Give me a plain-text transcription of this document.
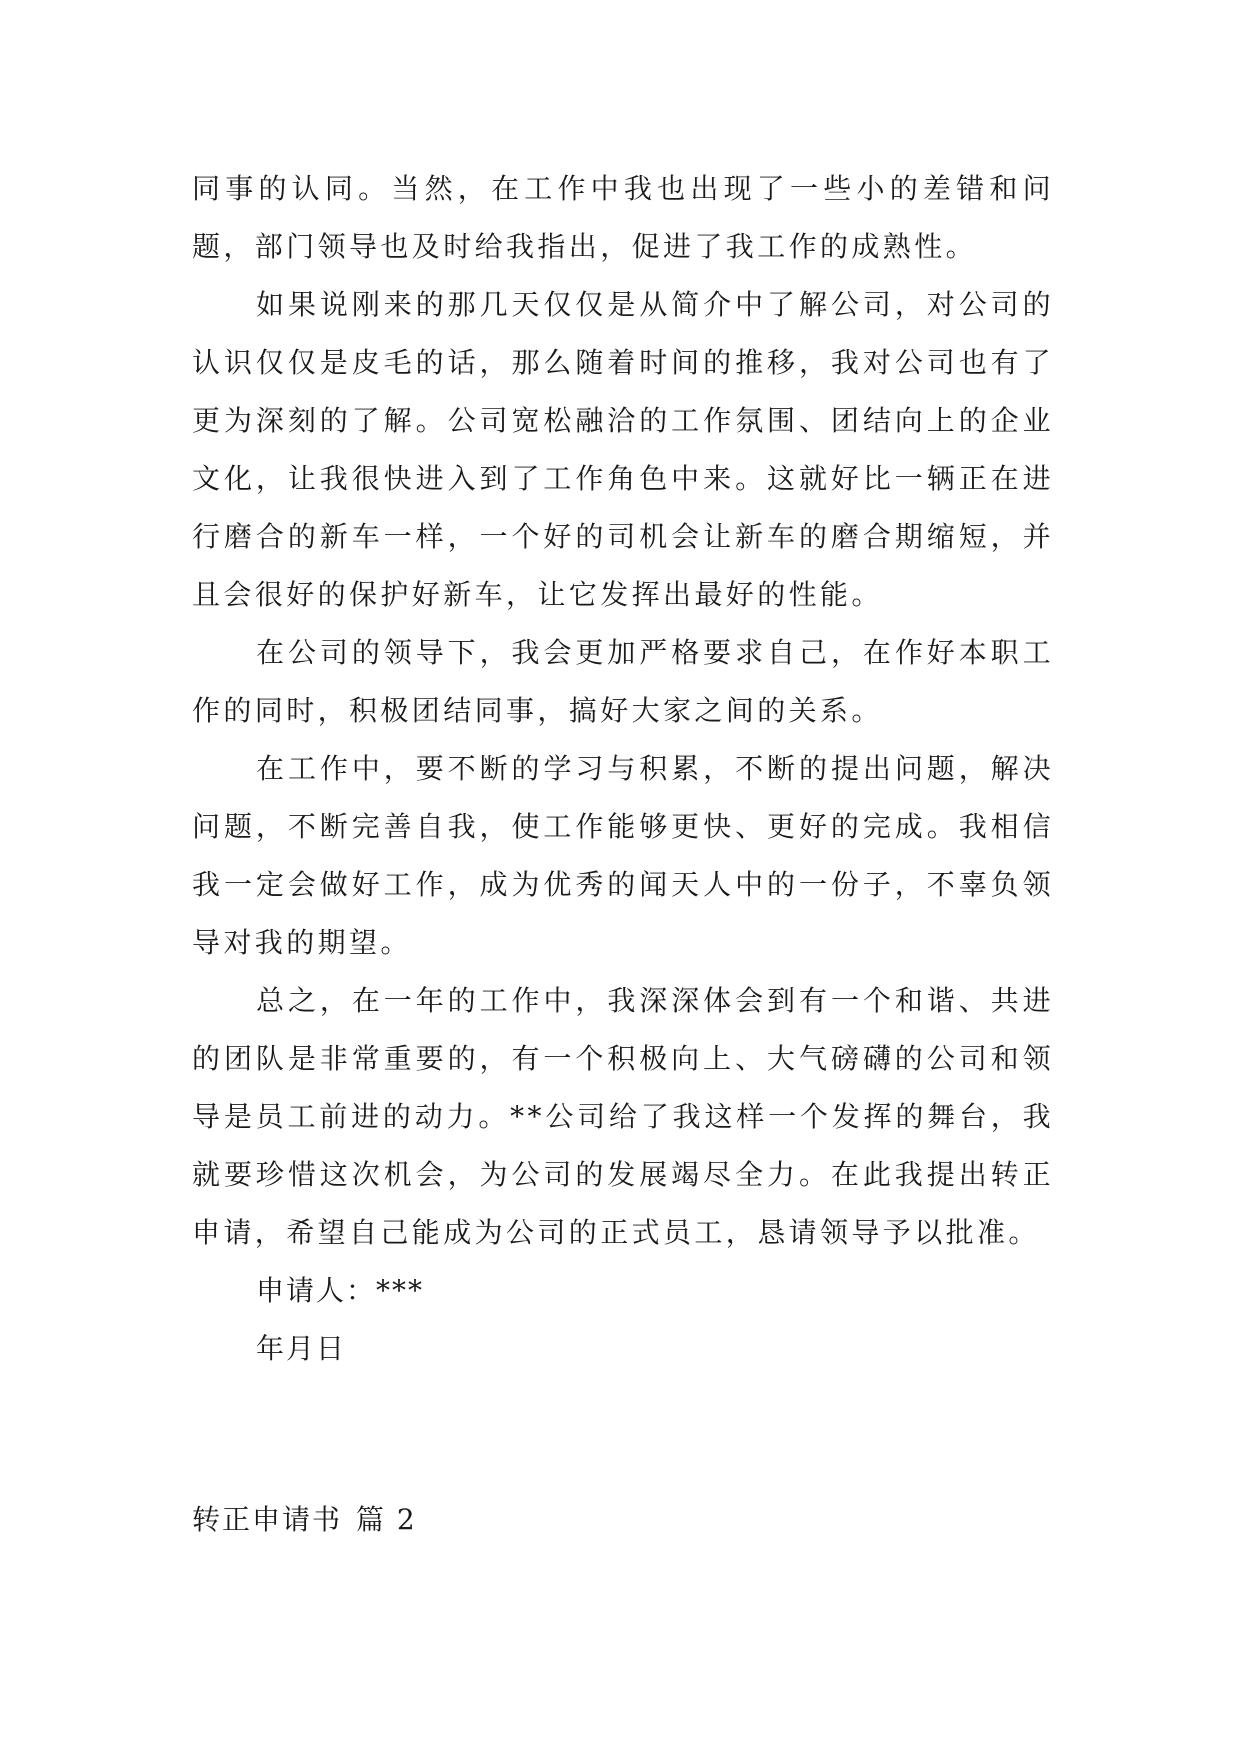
同事的认同。当然，在工作中我也出现了一些小的差错和问题，部门领导也及时给我指出，促进了我工作的成熟性。

如果说刚来的那几天仅仅是从简介中了解公司，对公司的认识仅仅是皮毛的话，那么随着时间的推移，我对公司也有了更为深刻的了解。公司宽松融洽的工作氛围、团结向上的企业文化，让我很快进入到了工作角色中来。这就好比一辆正在进行磨合的新车一样，一个好的司机会让新车的磨合期缩短，并且会很好的保护好新车，让它发挥出最好的性能。

在公司的领导下，我会更加严格要求自己，在作好本职工作的同时，积极团结同事，搞好大家之间的关系。

在工作中，要不断的学习与积累，不断的提出问题，解决问题，不断完善自我，使工作能够更快、更好的完成。我相信我一定会做好工作，成为优秀的闻天人中的一份子，不辜负领导对我的期望。

总之，在一年的工作中，我深深体会到有一个和谐、共进的团队是非常重要的，有一个积极向上、大气磅礴的公司和领导是员工前进的动力。**公司给了我这样一个发挥的舞台，我就要珍惜这次机会，为公司的发展竭尽全力。在此我提出转正申请，希望自己能成为公司的正式员工，恳请领导予以批准。

申请人：***

年月日

转正申请书 篇 2
